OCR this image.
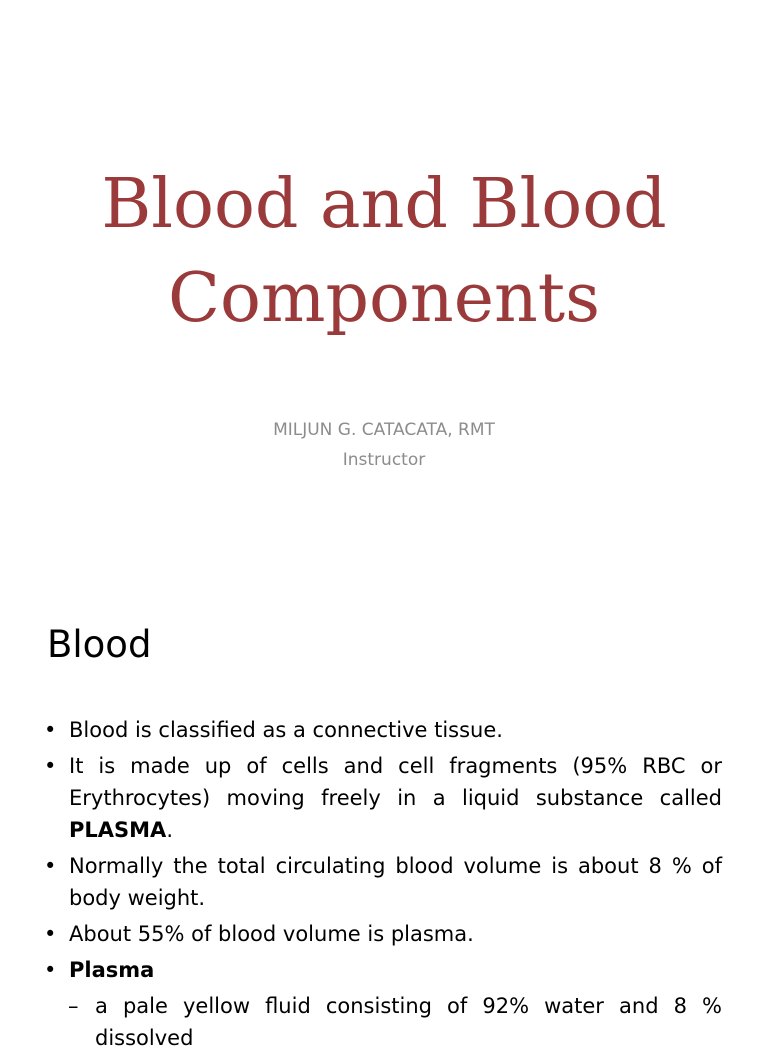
Blood and Blood
Components
MILJUN G. CATACATA, RMT
Instructor
Blood
• Blood is classified as a connective tissue.
• It is made up of cells and cell fragments (95% RBC or Erythrocytes) moving freely in a liquid substance called PLASMA.
• Normally the total circulating blood volume is about 8 % of body weight.
• About 55% of blood volume is plasma.
• Plasma
– a pale yellow fluid consisting of 92% water and 8 % dissolved
